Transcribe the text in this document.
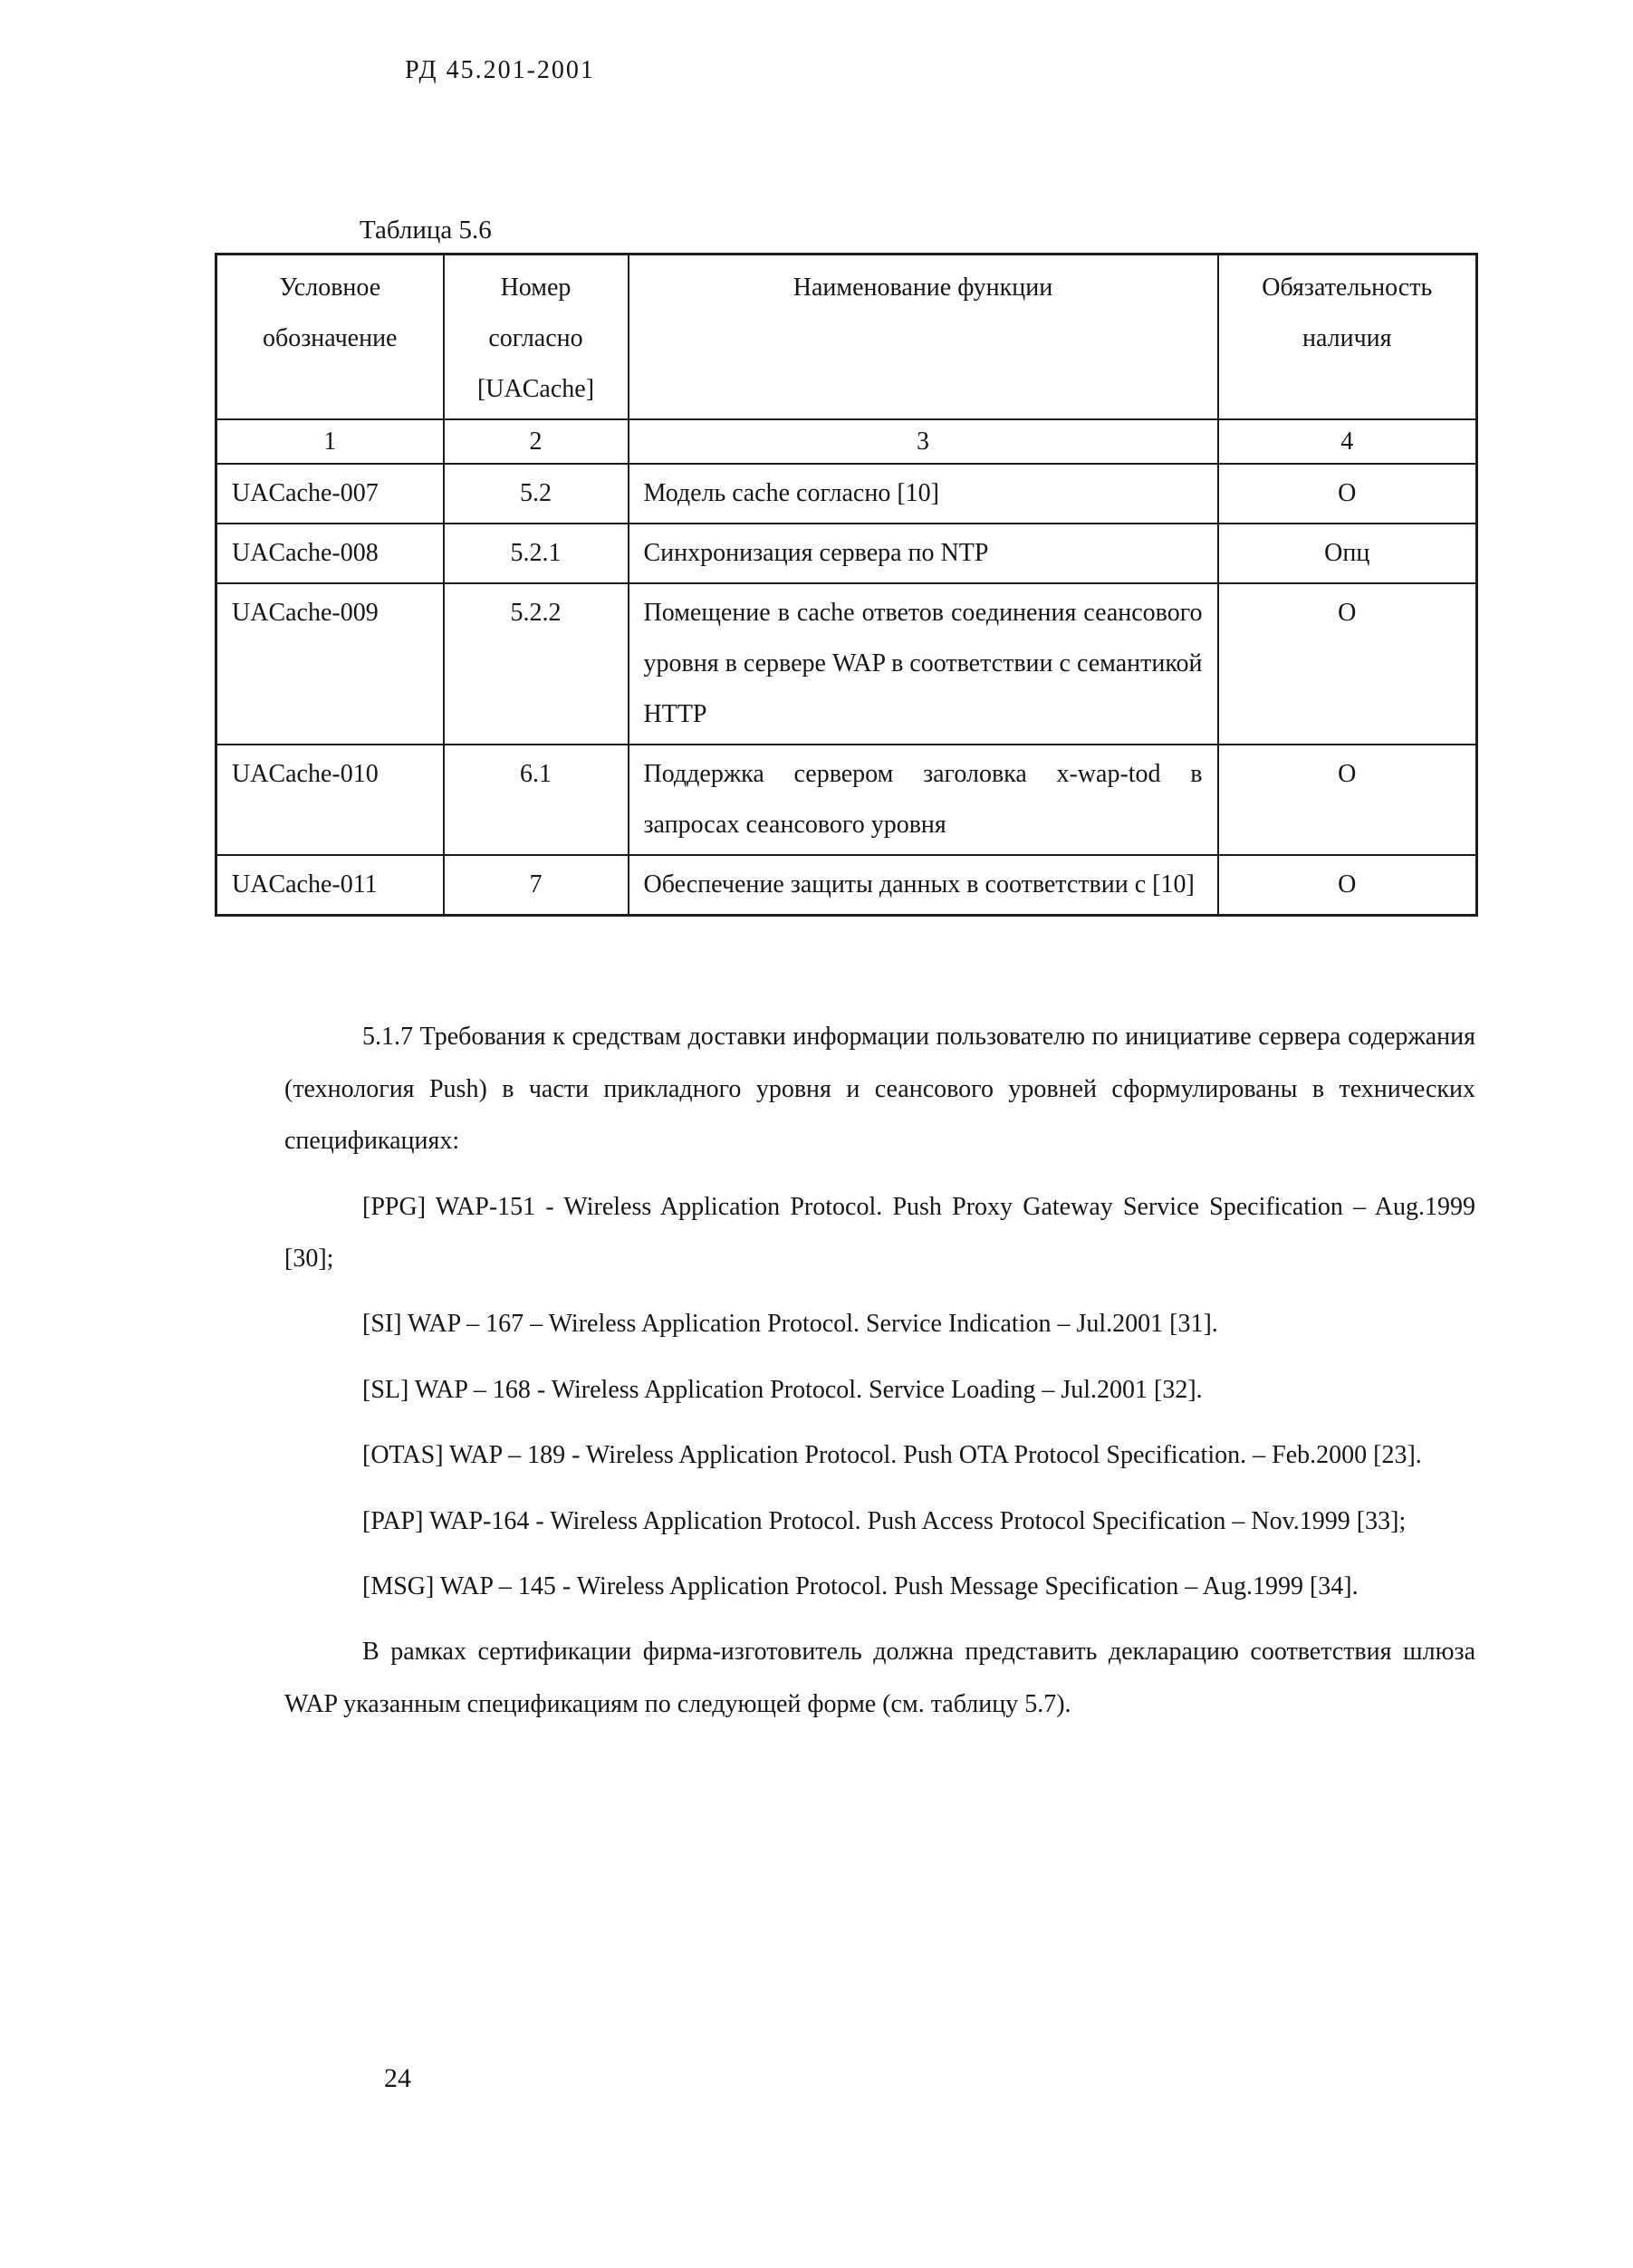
РД 45.201-2001
Таблица 5.6
Условное обозначение	Номер согласно [UACache]	Наименование функции	Обязательность наличия
1	2	3	4
UACache-007	5.2	Модель cache согласно [10]	О
UACache-008	5.2.1	Синхронизация сервера по NTP	Опц
UACache-009	5.2.2	Помещение в cache ответов соединения сеансового уровня в сервере WAP в соответствии с семантикой HTTP	О
UACache-010	6.1	Поддержка сервером заголовка x-wap-tod в запросах сеансового уровня	О
UACache-011	7	Обеспечение защиты данных в соответствии с [10]	О

5.1.7 Требования к средствам доставки информации пользователю по инициативе сервера содержания (технология Push) в части прикладного уровня и сеансового уровней сформулированы в технических спецификациях:

[PPG] WAP-151 - Wireless Application Protocol. Push Proxy Gateway Service Specification – Aug.1999 [30];

[SI] WAP – 167 – Wireless Application Protocol. Service Indication – Jul.2001 [31].

[SL] WAP – 168 - Wireless Application Protocol. Service Loading – Jul.2001 [32].

[OTAS] WAP – 189 - Wireless Application Protocol. Push OTA Protocol Specification. – Feb.2000 [23].

[PAP] WAP-164 - Wireless Application Protocol. Push Access Protocol Specification – Nov.1999 [33];

[MSG] WAP – 145 - Wireless Application Protocol. Push Message Specification – Aug.1999 [34].

В рамках сертификации фирма-изготовитель должна представить декларацию соответствия шлюза WAP указанным спецификациям по следующей форме (см. таблицу 5.7).

24
